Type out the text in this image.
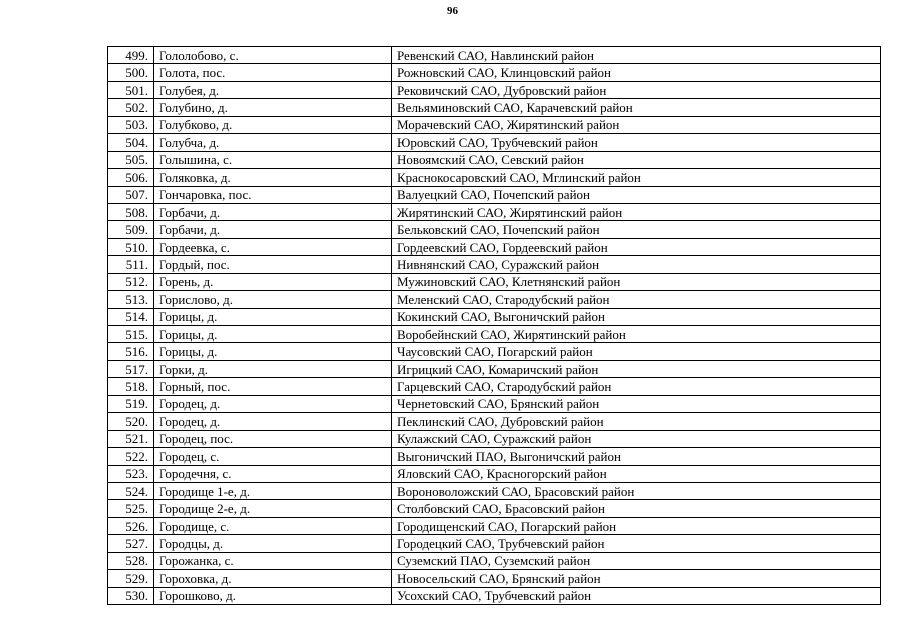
96
499.	Гололобово, с.	Ревенский САО, Навлинский район
500.	Голота, пос.	Рожновский САО, Клинцовский район
501.	Голубея, д.	Рековичский САО, Дубровский район
502.	Голубино, д.	Вельяминовский САО, Карачевский район
503.	Голубково, д.	Морачевский САО, Жирятинский район
504.	Голубча, д.	Юровский САО, Трубчевский район
505.	Голышина, с.	Новоямский САО, Севский район
506.	Голяковка, д.	Краснокосаровский САО, Мглинский район
507.	Гончаровка, пос.	Валуецкий САО, Почепский район
508.	Горбачи, д.	Жирятинский САО, Жирятинский район
509.	Горбачи, д.	Бельковский САО, Почепский район
510.	Гордеевка, с.	Гордеевский САО, Гордеевский район
511.	Гордый, пос.	Нивнянский САО, Суражский район
512.	Горень, д.	Мужиновский САО, Клетнянский район
513.	Горислово, д.	Меленский САО, Стародубский район
514.	Горицы, д.	Кокинский САО, Выгоничский район
515.	Горицы, д.	Воробейнский САО, Жирятинский район
516.	Горицы, д.	Чаусовский САО, Погарский район
517.	Горки, д.	Игрицкий САО, Комаричский район
518.	Горный, пос.	Гарцевский САО, Стародубский район
519.	Городец, д.	Чернетовский САО, Брянский район
520.	Городец, д.	Пеклинский САО, Дубровский район
521.	Городец, пос.	Кулажский САО, Суражский район
522.	Городец, с.	Выгоничский ПАО, Выгоничский район
523.	Городечня, с.	Яловский САО, Красногорский район
524.	Городище 1-е, д.	Вороноволожский САО, Брасовский район
525.	Городище 2-е, д.	Столбовский САО, Брасовский район
526.	Городище, с.	Городищенский САО, Погарский район
527.	Городцы, д.	Городецкий САО, Трубчевский район
528.	Горожанка, с.	Суземский ПАО, Суземский район
529.	Гороховка, д.	Новосельский САО, Брянский район
530.	Горошково, д.	Усохский САО, Трубчевский район
